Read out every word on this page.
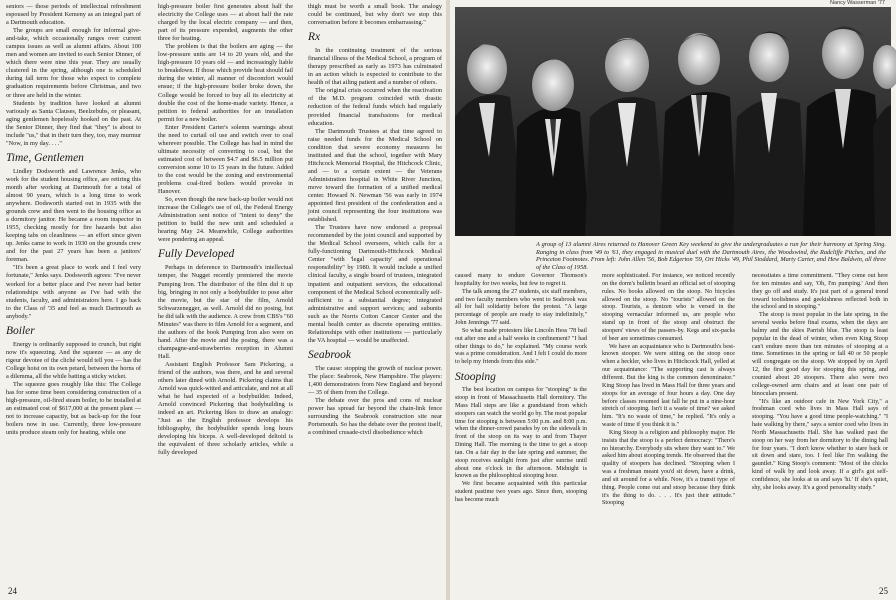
seniors — those periods of intellectual refreshment espoused by President Kemeny as an integral part of a Dartmouth education.

The groups are small enough for informal give-and-take, which occasionally ranges over current campus issues as well as alumni affairs. About 100 men and women are invited to each Senior Dinner, of which there were nine this year. They are usually clustered in the spring, although one is scheduled during fall term for those who expect to complete graduation requirements before Christmas, and two or three are held in the winter.

Students by tradition have looked at alumni variously as Santa Clauses, Beelzebubs, or pleasant, aging gentlemen hopelessly hooked on the past. At the Senior Dinner, they find that "they" is about to include "us," that in their turn they, too, may murmur "Now, in my day. . . ."

Time, Gentlemen

Lindley Dodsworth and Lawrence Jenks, who work for the student housing office, are retiring this month after working at Dartmouth for a total of almost 90 years, which is a long time to work anywhere. Dodsworth started out in 1935 with the grounds crew and then went to the housing office as a dormitory janitor. He became a room inspector in 1955, checking mostly for fire hazards but also keeping tabs on cleanliness — an effort since given up. Jenks came to work in 1930 on the grounds crew and for the past 27 years has been a janitors' foreman.

"It's been a great place to work and I feel very fortunate," Jenks says. Dodsworth agrees: "I've never worked for a better place and I've never had better relationships with anyone as I've had with the students, faculty, and administrators here. I go back to the Class of '35 and feel as much Dartmouth as anybody."

Boiler

Energy is ordinarily supposed to crunch, but right now it's squeezing. And the squeeze — as any de rigeur devotee of the cliché would tell you — has the College hoist on its own petard, between the horns of a dilemma, all the while batting a sticky wicket.

The squeeze goes roughly like this: The College has for some time been considering construction of a high-pressure, oil-fired steam boiler, to be installed at an estimated cost of $617,000 at the present plant — not to increase capacity, but as back-up for the four boilers now in use. Currently, three low-pressure units produce steam only for heating, while one

high-pressure boiler first generates about half the electricity the College uses — at about half the rate charged by the local electric company — and then, part of its pressure expended, augments the other three for heating.

The problem is that the boilers are aging — the low-pressure units are 14 to 20 years old, and the high-pressure 10 years old — and increasingly liable to breakdown. If those which provide heat should fail during the winter, all manner of discomfort would ensue; if the high-pressure boiler broke down, the College would be forced to buy all its electricity at double the cost of the home-made variety. Hence, a petition to federal authorities for an installation permit for a new boiler.

Enter President Carter's solemn warnings about the need to curtail oil use and switch over to coal wherever possible. The College has had in mind the ultimate necessity of converting to coal, but the estimated cost of between $4.7 and $6.5 million put conversion some 10 to 15 years in the future. Added to the cost would be the zoning and environmental problems coal-fired boilers would provoke in Hanover.

So, even though the new back-up boiler would not increase the College's use of oil, the Federal Energy Administration sent notice of "intent to deny" the petition to build the new unit and scheduled a hearing May 24. Meanwhile, College authorities were pondering an appeal.

Fully Developed

Perhaps in deference to Dartmouth's intellectual temper, the Nugget recently premiered the movie Pumping Iron. The distributor of the film did it up big, bringing in not only a bodybuilder to pose after the movie, but the star of the film, Arnold Schwarzenegger, as well. Arnold did no posing, but he did talk with the audience. A crew from CBS's "60 Minutes" was there to film Arnold for a segment, and the authors of the book Pumping Iron also were on hand. After the movie and the posing, there was a champagne-and-strawberries reception in Alumni Hall.

Assistant English Professor Sam Pickering, a friend of the authors, was there, and he and several others later dined with Arnold. Pickering claims that Arnold was quick-witted and articulate, and not at all what he had expected of a bodybuilder. Indeed, Arnold convinced Pickering that bodybuilding is indeed an art. Pickering likes to draw an analogy: "Just as the English professor develops his bibliography, the bodybuilder spends long hours developing his biceps. A well-developed deltoid is the equivalent of three scholarly articles, while a fully developed

thigh must be worth a small book. The analogy could be continued, but why don't we stop this conversation before it becomes embarrassing."

Rx

In the continuing treatment of the serious financial illness of the Medical School, a program of therapy prescribed as early as 1973 has culminated in an action which is expected to contribute to the health of that ailing patient and a number of others.

The original crisis occurred when the reactivation of the M.D. program coincided with drastic reduction of the federal funds which had regularly provided financial transfusions for medical education.

The Dartmouth Trustees at that time agreed to raise needed funds for the Medical School on condition that severe economy measures be instituted and that the school, together with Mary Hitchcock Memorial Hospital, the Hitchcock Clinic, and — to a certain extent — the Veterans Administration hospital in White River Junction, move toward the formation of a unified medical center. Howard N. Newman '56 was early in 1974 appointed first president of the confederation and a joint council representing the four institutions was established.

The Trustees have now endorsed a proposal recommended by the joint council and supported by the Medical School overseers, which calls for a fully-functioning Dartmouth-Hitchcock Medical Center "with 'legal capacity' and operational responsibility" by 1980. It would include a unified clinical faculty, a single board of trustees, integrated inpatient and outpatient services, the educational component of the Medical School economically self-sufficient to a substantial degree; integrated administrative and support services; and subunits such as the Norris Cotton Cancer Center and the mental health center as discrete operating entities. Relationships with other institutions — particularly the VA hospital — would be unaffected.

Seabrook

The cause: stopping the growth of nuclear power. The place: Seabrook, New Hampshire. The players: 1,400 demonstrators from New England and beyond — 35 of them from the College.

The debate over the pros and cons of nuclear power has spread far beyond the chain-link fence surrounding the Seabrook construction site near Portsmouth. So has the debate over the protest itself, a combined crusade-civil disobedience which

24	25
Nancy Wasserman '77
A group of 13 alumni Aires returned to Hanover Green Key weekend to give the undergraduates a run for their harmony at Spring Sing. Ranging in class from '49 to '61, they engaged in musical duel with the Dartmouth Aires, the Woodswind, the Radcliffe Pitches, and the Princeton Footnotes. From left: John Allen '56, Bob Edgerton '59, Ort Hicks '49, Phil Stoddard, Marty Carter, and Hew Baldwin, all three of the Class of 1958.

caused many to endure Governor Thomson's hospitality for two weeks, but few to regret it.

The talk among the 27 students, six staff members, and two faculty members who went to Seabrook was all for ball solidarity before the protest. "A large percentage of people are ready to stay indefinitely," John Jennings '77 said.

So what made protesters like Lincoln Hess '78 bail out after one and a half weeks in confinement? "I had other things to do," he explained. "My course work was a prime consideration. And I felt I could do more to help my friends from this side."

Stooping

The best location on campus for "stooping" is the stoop in front of Massachusetts Hall dormitory. The Mass Hall steps are like a grandstand from which stoopers can watch the world go by. The most popular time for stooping is between 5:00 p.m. and 8:00 p.m. when the dinner-crowd parades by on the sidewalk in front of the stoop on its way to and from Thayer Dining Hall. The morning is the time to get a stoop tan. On a fair day in the late spring and summer, the stoop receives sunlight from just after sunrise until about one o'clock in the afternoon. Midnight is known as the philosophical stooping hour.

We first became acquainted with this particular student pastime two years ago. Since then, stooping has become much

more sophisticated. For instance, we noticed recently on the dorm's bulletin board an official set of stooping rules. No books allowed on the stoop. No bicycles allowed on the stoop. No "tourists" allowed on the stoop. Tourists, a denizen who is versed in the stooping vernacular informed us, are people who stand up in front of the stoop and obstruct the stoopers' views of the passers-by. Kegs and six-packs of beer are sometimes consumed.

We have an acquaintance who is Dartmouth's best-known stooper. We were sitting on the stoop once when a heckler, who lives in Hitchcock Hall, yelled at our acquaintance: "The supporting cast is always different. But the king is the common denominator." King Stoop has lived in Mass Hall for three years and stoops for an average of four hours a day. One day before classes resumed last fall he put in a nine-hour stretch of stooping. Isn't it a waste of time? we asked him. "It's no waste of time," he replied. "It's only a waste of time if you think it is."

King Stoop is a religion and philosophy major. He insists that the stoop is a perfect democracy: "There's no hierarchy. Everybody sits where they want to." We asked him about stooping trends. He observed that the quality of stoopers has declined. "Stooping when I was a freshman meant you'd sit down, have a drink, and sit around for a while. Now, it's a transit type of thing. People come out and stoop because they think it's the thing to do. . . . It's just their attitude." Stooping

necessitates a time commitment. "They come out here for ten minutes and say, 'Oh, I'm pumping.' And then they go off and study. It's just part of a general trend toward toolishness and geekishness reflected both in the school and in stooping."

The stoop is most popular in the late spring, in the several weeks before final exams, when the days are balmy and the skies Parrish blue. The stoop is least popular in the dead of winter, when even King Stoop can't endure more than ten minutes of stooping at a time. Sometimes in the spring or fall 40 or 50 people will congregate on the stoop. We stopped by on April 12, the first good day for stooping this spring, and counted about 20 stoopers. There also were two college-owned arm chairs and at least one pair of binoculars present.

"It's like an outdoor cafe in New York City," a freshman coed who lives in Mass Hall says of stooping. "You have a good time people-watching." "I hate walking by there," says a senior coed who lives in North Massachusetts Hall. She has walked past the stoop on her way from her dormitory to the dining hall for four years. "I don't know whether to stare back or sit down and stare, too. I feel like I'm walking the gauntlet." King Stoop's comment: "Most of the chicks kind of walk by and look away. If a girl's got self-confidence, she looks at us and says 'hi.' If she's quiet, shy, she looks away. It's a good personality study."
